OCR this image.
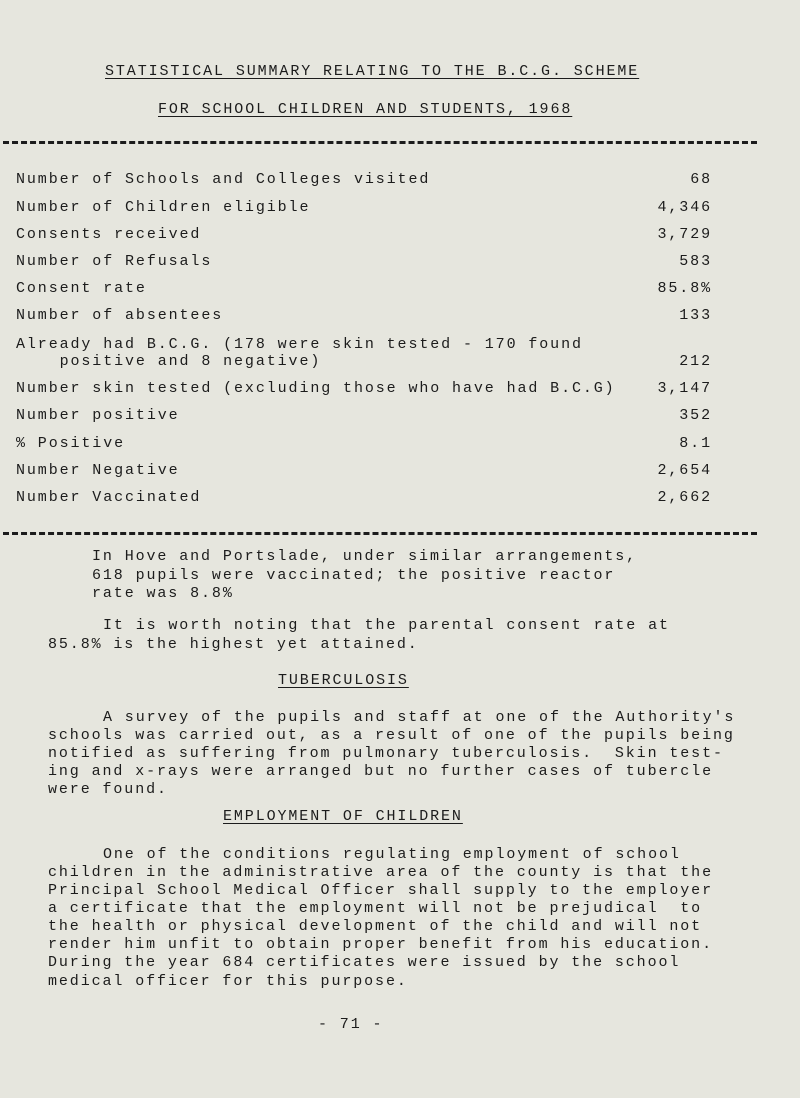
STATISTICAL SUMMARY RELATING TO THE B.C.G. SCHEME
FOR SCHOOL CHILDREN AND STUDENTS, 1968
Number of Schools and Colleges visited	68
Number of Children eligible	4,346
Consents received	3,729
Number of Refusals	583
Consent rate	85.8%
Number of absentees	133
Already had B.C.G. (178 were skin tested - 170 found
positive and 8 negative)	212
Number skin tested (excluding those who have had B.C.G)	3,147
Number positive	352
% Positive	8.1
Number Negative	2,654
Number Vaccinated	2,662
In Hove and Portslade, under similar arrangements,
618 pupils were vaccinated; the positive reactor
rate was 8.8%
It is worth noting that the parental consent rate at
85.8% is the highest yet attained.
TUBERCULOSIS
A survey of the pupils and staff at one of the Authority's
schools was carried out, as a result of one of the pupils being
notified as suffering from pulmonary tuberculosis.  Skin test-
ing and x-rays were arranged but no further cases of tubercle
were found.
EMPLOYMENT OF CHILDREN
One of the conditions regulating employment of school
children in the administrative area of the county is that the
Principal School Medical Officer shall supply to the employer
a certificate that the employment will not be prejudical  to
the health or physical development of the child and will not
render him unfit to obtain proper benefit from his education.
During the year 684 certificates were issued by the school
medical officer for this purpose.
- 71 -
